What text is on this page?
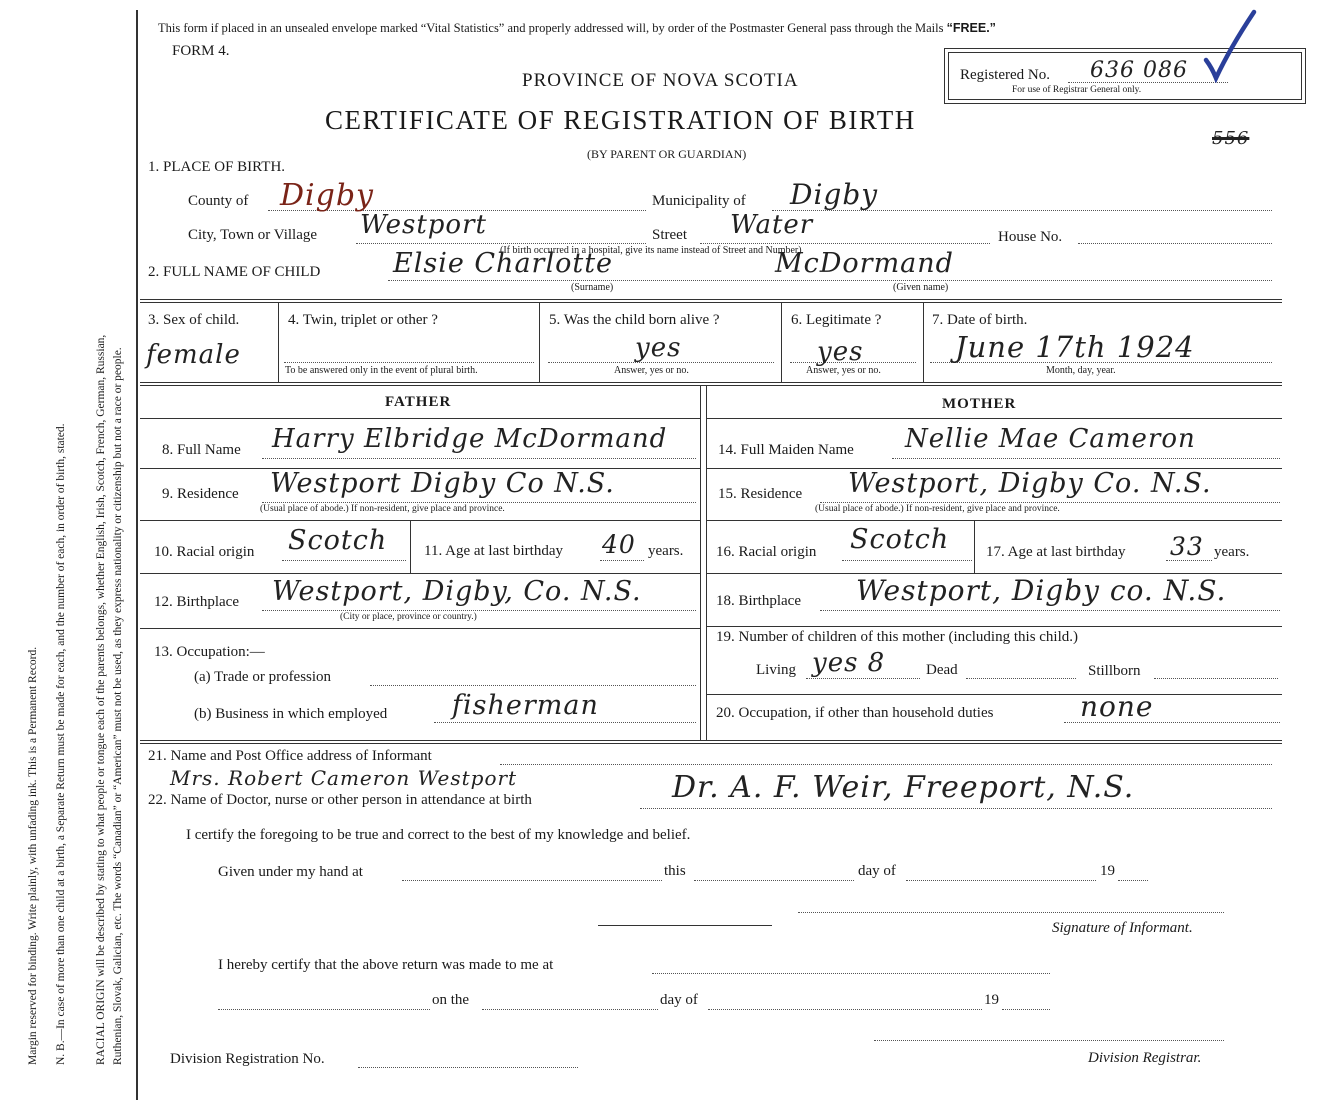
Margin reserved for binding. Write plainly, with unfading ink. This is a Permanent Record. N. B.—In case of more than one child at a birth, a Separate Return must be made for each, and the number of each, in order of birth, stated. RACIAL ORIGIN will be described by stating to what people or tongue each of the parents belongs, whether English, Irish, Scotch, French, German, Russian, Ruthenian, Slovak, Galician, etc. The words “Canadian” or “American” must not be used, as they express nationality or citizenship but not a race or people.
This form if placed in an unsealed envelope marked “Vital Statistics” and properly addressed will, by order of the Postmaster General pass through the Mails “FREE.”
FORM 4.
PROVINCE OF NOVA SCOTIA
CERTIFICATE OF REGISTRATION OF BIRTH
(BY PARENT OR GUARDIAN)
Registered No. 636 086
For use of Registrar General only.
556
1. PLACE OF BIRTH.
County of Digby	Municipality of Digby
City, Town or Village Westport	Street Water	House No.
(If birth occurred in a hospital, give its name instead of Street and Number)
2. FULL NAME OF CHILD	Elsie Charlotte	McDormand
(Surname)	(Given name)
3. Sex of child.
female
4. Twin, triplet or other ?
To be answered only in the event of plural birth.
5. Was the child born alive ?
yes
Answer, yes or no.
6. Legitimate ?
yes
Answer, yes or no.
7. Date of birth.
June 17th 1924
Month, day, year.
FATHER	MOTHER
8. Full Name Harry Elbridge McDormand	14. Full Maiden Name Nellie Mae Cameron
9. Residence Westport Digby Co N.S.
(Usual place of abode.) If non-resident, give place and province.
15. Residence Westport, Digby Co. N.S.
(Usual place of abode.) If non-resident, give place and province.
10. Racial origin Scotch 11. Age at last birthday 40 years. 16. Racial origin Scotch 17. Age at last birthday 33 years.
12. Birthplace Westport, Digby, Co. N.S.
(City or place, province or country.)
18. Birthplace Westport, Digby co. N.S.
13. Occupation:—
(a) Trade or profession
(b) Business in which employed fisherman
19. Number of children of this mother (including this child.)
Living yes 8	Dead	Stillborn
20. Occupation, if other than household duties	none
21. Name and Post Office address of Informant
Mrs. Robert Cameron Westport
22. Name of Doctor, nurse or other person in attendance at birth	Dr. A. F. Weir, Freeport, N.S.
I certify the foregoing to be true and correct to the best of my knowledge and belief.
Given under my hand at	this	day of	19
Signature of Informant.
I hereby certify that the above return was made to me at
on the	day of	19
Division Registration No.	Division Registrar.
